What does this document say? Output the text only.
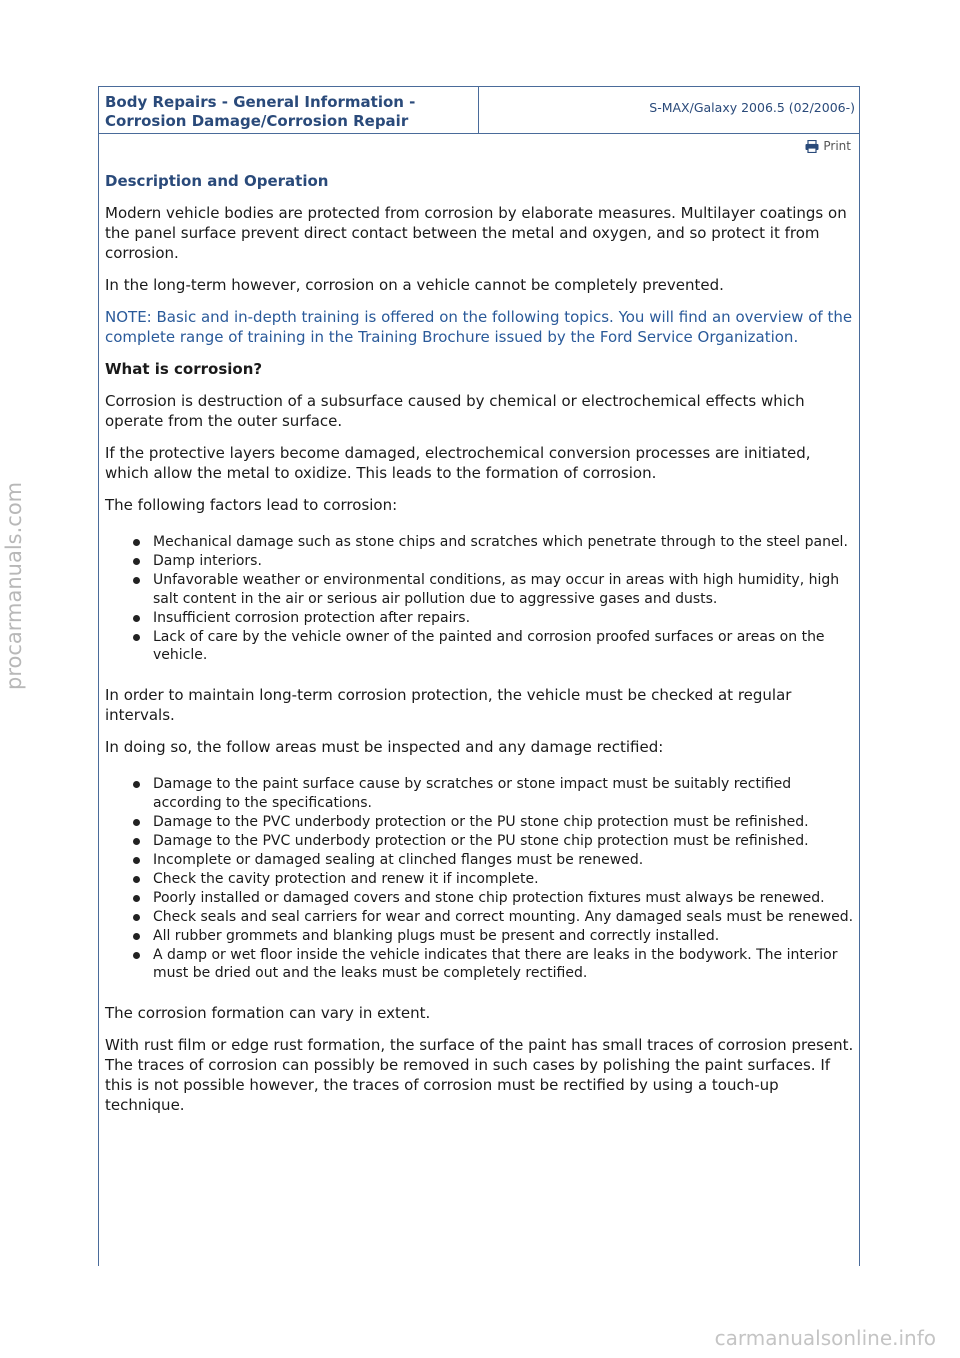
procarmanuals.com
Body Repairs - General Information -
Corrosion Damage/Corrosion Repair
S-MAX/Galaxy 2006.5 (02/2006-)
Print

Description and Operation

Modern vehicle bodies are protected from corrosion by elaborate measures. Multilayer coatings on the panel surface prevent direct contact between the metal and oxygen, and so protect it from corrosion.

In the long-term however, corrosion on a vehicle cannot be completely prevented.

NOTE: Basic and in-depth training is offered on the following topics. You will find an overview of the complete range of training in the Training Brochure issued by the Ford Service Organization.

What is corrosion?

Corrosion is destruction of a subsurface caused by chemical or electrochemical effects which operate from the outer surface.

If the protective layers become damaged, electrochemical conversion processes are initiated, which allow the metal to oxidize. This leads to the formation of corrosion.

The following factors lead to corrosion:

Mechanical damage such as stone chips and scratches which penetrate through to the steel panel.
Damp interiors.
Unfavorable weather or environmental conditions, as may occur in areas with high humidity, high salt content in the air or serious air pollution due to aggressive gases and dusts.
Insufficient corrosion protection after repairs.
Lack of care by the vehicle owner of the painted and corrosion proofed surfaces or areas on the vehicle.

In order to maintain long-term corrosion protection, the vehicle must be checked at regular intervals.

In doing so, the follow areas must be inspected and any damage rectified:

Damage to the paint surface cause by scratches or stone impact must be suitably rectified according to the specifications.
Damage to the PVC underbody protection or the PU stone chip protection must be refinished.
Damage to the PVC underbody protection or the PU stone chip protection must be refinished.
Incomplete or damaged sealing at clinched flanges must be renewed.
Check the cavity protection and renew it if incomplete.
Poorly installed or damaged covers and stone chip protection fixtures must always be renewed.
Check seals and seal carriers for wear and correct mounting. Any damaged seals must be renewed.
All rubber grommets and blanking plugs must be present and correctly installed.
A damp or wet floor inside the vehicle indicates that there are leaks in the bodywork. The interior must be dried out and the leaks must be completely rectified.

The corrosion formation can vary in extent.

With rust film or edge rust formation, the surface of the paint has small traces of corrosion present. The traces of corrosion can possibly be removed in such cases by polishing the paint surfaces. If this is not possible however, the traces of corrosion must be rectified by using a touch-up technique.

carmanualsonline.info
